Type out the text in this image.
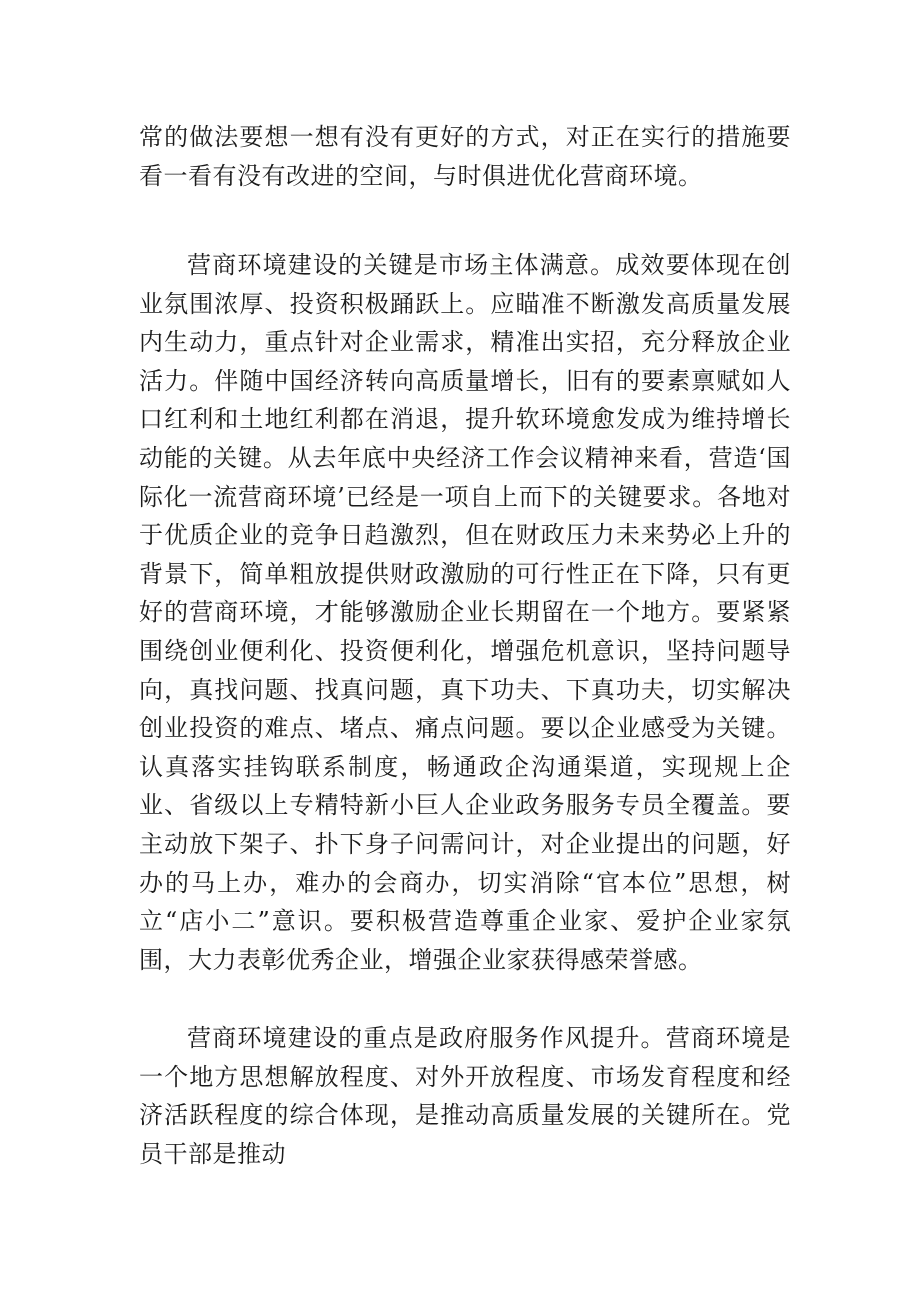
常的做法要想一想有没有更好的方式，对正在实行的措施要看一看有没有改进的空间，与时俱进优化营商环境。

营商环境建设的关键是市场主体满意。成效要体现在创业氛围浓厚、投资积极踊跃上。应瞄准不断激发高质量发展内生动力，重点针对企业需求，精准出实招，充分释放企业活力。伴随中国经济转向高质量增长，旧有的要素禀赋如人口红利和土地红利都在消退，提升软环境愈发成为维持增长动能的关键。从去年底中央经济工作会议精神来看，营造‘国际化一流营商环境’已经是一项自上而下的关键要求。各地对于优质企业的竞争日趋激烈，但在财政压力未来势必上升的背景下，简单粗放提供财政激励的可行性正在下降，只有更好的营商环境，才能够激励企业长期留在一个地方。要紧紧围绕创业便利化、投资便利化，增强危机意识，坚持问题导向，真找问题、找真问题，真下功夫、下真功夫，切实解决创业投资的难点、堵点、痛点问题。要以企业感受为关键。认真落实挂钩联系制度，畅通政企沟通渠道，实现规上企业、省级以上专精特新小巨人企业政务服务专员全覆盖。要主动放下架子、扑下身子问需问计，对企业提出的问题，好办的马上办，难办的会商办，切实消除“官本位”思想，树立“店小二”意识。要积极营造尊重企业家、爱护企业家氛围，大力表彰优秀企业，增强企业家获得感荣誉感。

营商环境建设的重点是政府服务作风提升。营商环境是一个地方思想解放程度、对外开放程度、市场发育程度和经济活跃程度的综合体现，是推动高质量发展的关键所在。党员干部是推动
